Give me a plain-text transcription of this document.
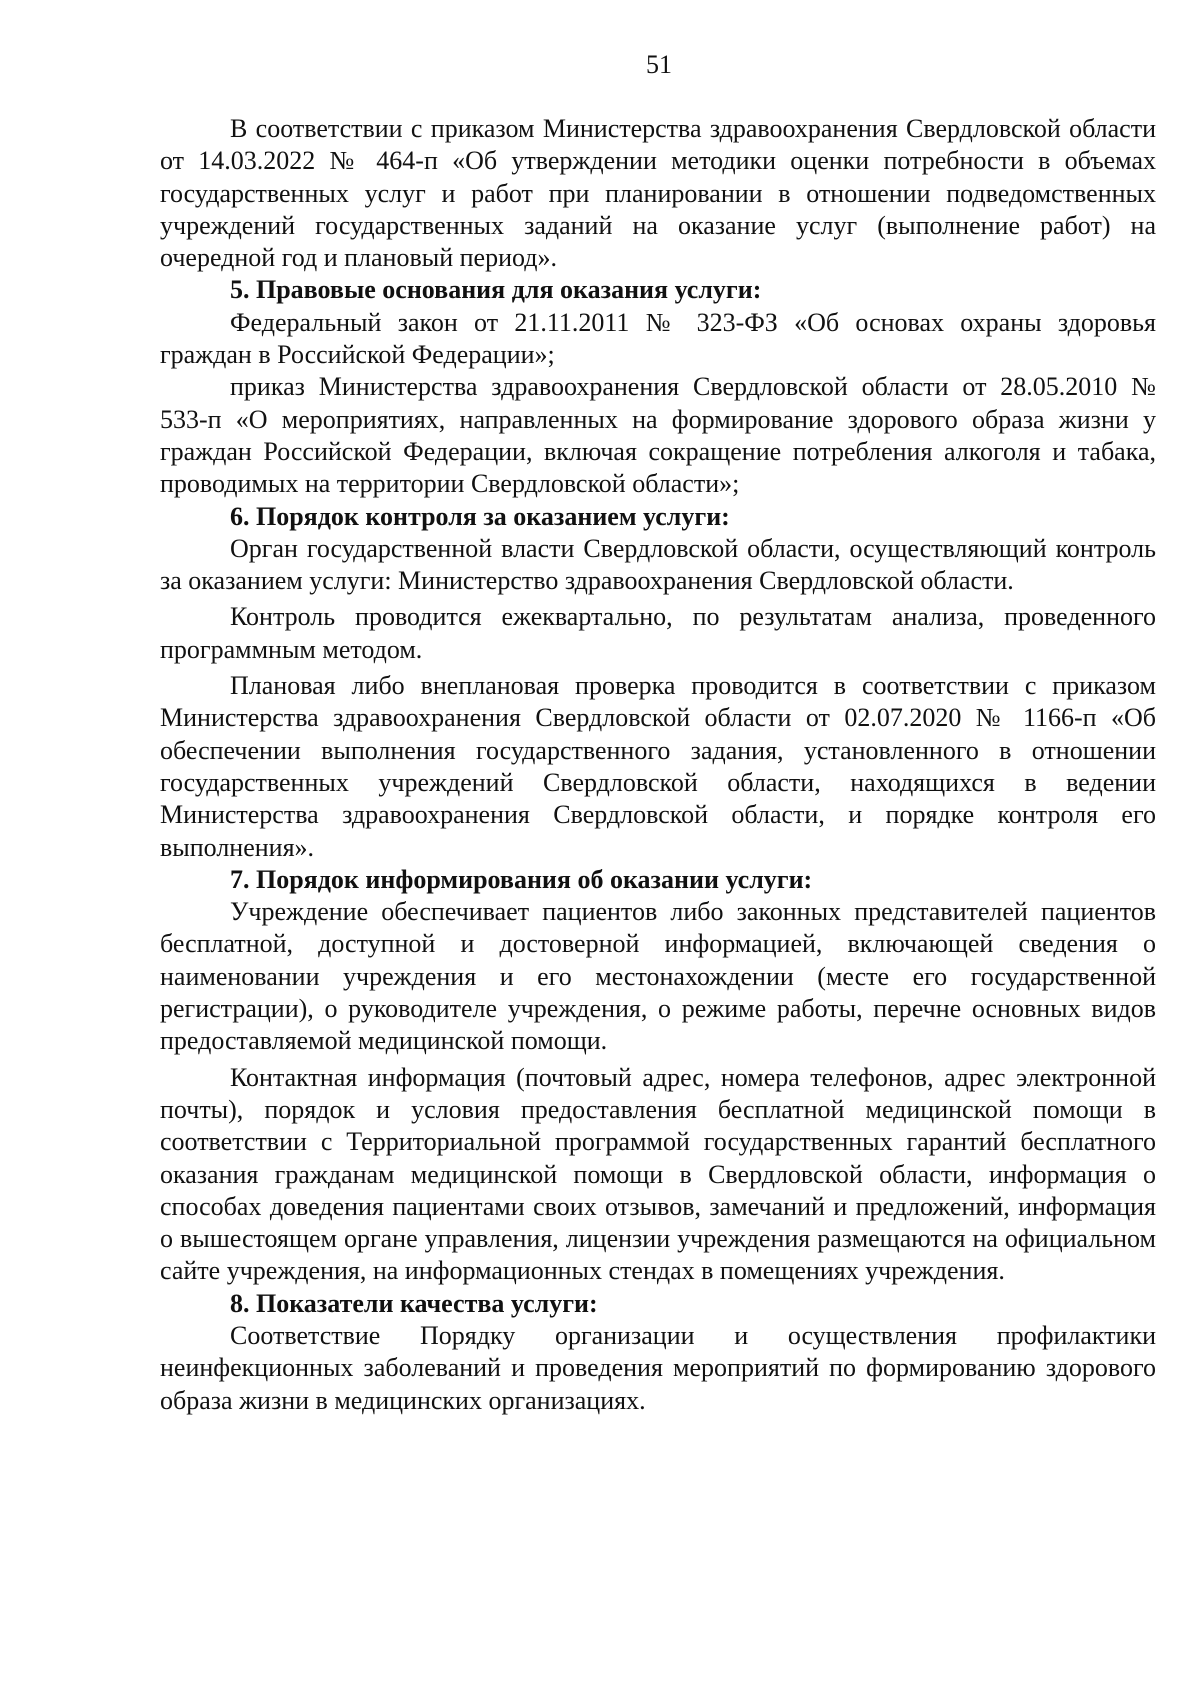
51

В соответствии с приказом Министерства здравоохранения Свердловской области от 14.03.2022 № 464-п «Об утверждении методики оценки потребности в объемах государственных услуг и работ при планировании в отношении подведомственных учреждений государственных заданий на оказание услуг (выполнение работ) на очередной год и плановый период».

5. Правовые основания для оказания услуги:

Федеральный закон от 21.11.2011 № 323-ФЗ «Об основах охраны здоровья граждан в Российской Федерации»;

приказ Министерства здравоохранения Свердловской области от 28.05.2010 № 533-п «О мероприятиях, направленных на формирование здорового образа жизни у граждан Российской Федерации, включая сокращение потребления алкоголя и табака, проводимых на территории Свердловской области»;

6. Порядок контроля за оказанием услуги:

Орган государственной власти Свердловской области, осуществляющий контроль за оказанием услуги: Министерство здравоохранения Свердловской области.

Контроль проводится ежеквартально, по результатам анализа, проведенного программным методом.

Плановая либо внеплановая проверка проводится в соответствии с приказом Министерства здравоохранения Свердловской области от 02.07.2020 № 1166-п «Об обеспечении выполнения государственного задания, установленного в отношении государственных учреждений Свердловской области, находящихся в ведении Министерства здравоохранения Свердловской области, и порядке контроля его выполнения».

7. Порядок информирования об оказании услуги:

Учреждение обеспечивает пациентов либо законных представителей пациентов бесплатной, доступной и достоверной информацией, включающей сведения о наименовании учреждения и его местонахождении (месте его государственной регистрации), о руководителе учреждения, о режиме работы, перечне основных видов предоставляемой медицинской помощи.

Контактная информация (почтовый адрес, номера телефонов, адрес электронной почты), порядок и условия предоставления бесплатной медицинской помощи в соответствии с Территориальной программой государственных гарантий бесплатного оказания гражданам медицинской помощи в Свердловской области, информация о способах доведения пациентами своих отзывов, замечаний и предложений, информация о вышестоящем органе управления, лицензии учреждения размещаются на официальном сайте учреждения, на информационных стендах в помещениях учреждения.

8. Показатели качества услуги:

Соответствие Порядку организации и осуществления профилактики неинфекционных заболеваний и проведения мероприятий по формированию здорового образа жизни в медицинских организациях.
